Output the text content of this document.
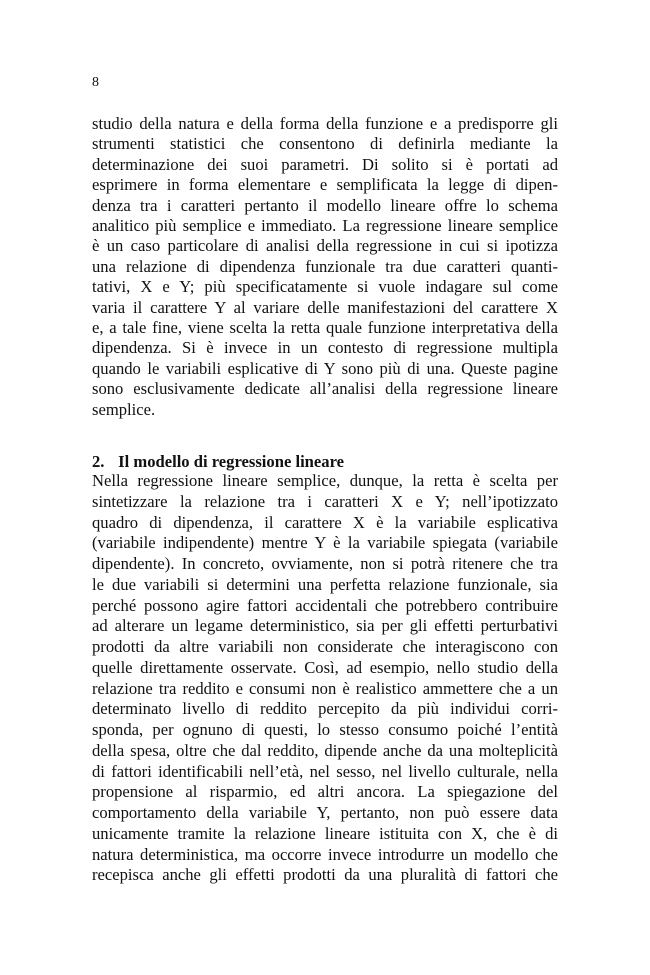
8
studio della natura e della forma della funzione e a predisporre gli
strumenti statistici che consentono di definirla mediante la
determinazione dei suoi parametri. Di solito si è portati ad
esprimere in forma elementare e semplificata la legge di dipen-
denza tra i caratteri pertanto il modello lineare offre lo schema
analitico più semplice e immediato. La regressione lineare semplice
è un caso particolare di analisi della regressione in cui si ipotizza
una relazione di dipendenza funzionale tra due caratteri quanti-
tativi, X e Y; più specificatamente si vuole indagare sul come
varia il carattere Y al variare delle manifestazioni del carattere X
e, a tale fine, viene scelta la retta quale funzione interpretativa della
dipendenza. Si è invece in un contesto di regressione multipla
quando le variabili esplicative di Y sono più di una. Queste pagine
sono esclusivamente dedicate all’analisi della regressione lineare
semplice.
2. Il modello di regressione lineare
Nella regressione lineare semplice, dunque, la retta è scelta per
sintetizzare la relazione tra i caratteri X e Y; nell’ipotizzato
quadro di dipendenza, il carattere X è la variabile esplicativa
(variabile indipendente) mentre Y è la variabile spiegata (variabile
dipendente). In concreto, ovviamente, non si potrà ritenere che tra
le due variabili si determini una perfetta relazione funzionale, sia
perché possono agire fattori accidentali che potrebbero contribuire
ad alterare un legame deterministico, sia per gli effetti perturbativi
prodotti da altre variabili non considerate che interagiscono con
quelle direttamente osservate. Così, ad esempio, nello studio della
relazione tra reddito e consumi non è realistico ammettere che a un
determinato livello di reddito percepito da più individui corri-
sponda, per ognuno di questi, lo stesso consumo poiché l’entità
della spesa, oltre che dal reddito, dipende anche da una molteplicità
di fattori identificabili nell’età, nel sesso, nel livello culturale, nella
propensione al risparmio, ed altri ancora. La spiegazione del
comportamento della variabile Y, pertanto, non può essere data
unicamente tramite la relazione lineare istituita con X, che è di
natura deterministica, ma occorre invece introdurre un modello che
recepisca anche gli effetti prodotti da una pluralità di fattori che
